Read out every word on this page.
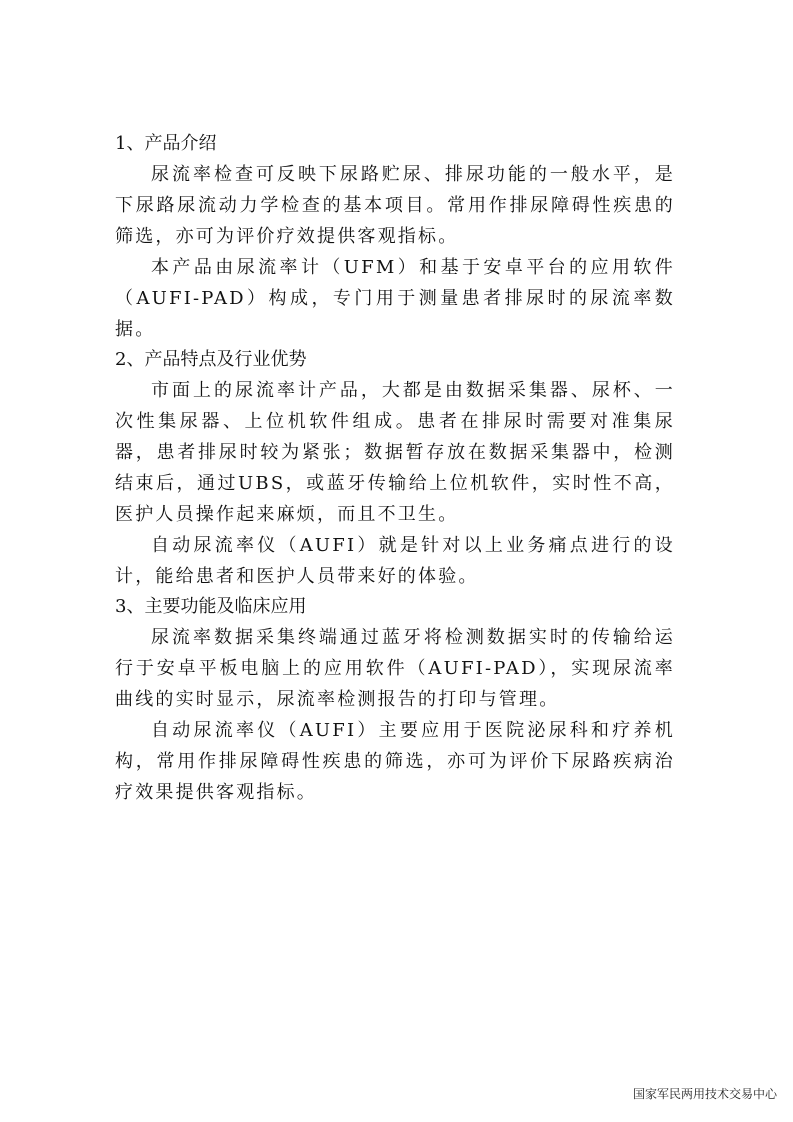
1、产品介绍

尿流率检查可反映下尿路贮尿、排尿功能的一般水平，是下尿路尿流动力学检查的基本项目。常用作排尿障碍性疾患的筛选，亦可为评价疗效提供客观指标。

本产品由尿流率计（UFM）和基于安卓平台的应用软件（AUFI-PAD）构成，专门用于测量患者排尿时的尿流率数据。

2、产品特点及行业优势

市面上的尿流率计产品，大都是由数据采集器、尿杯、一次性集尿器、上位机软件组成。患者在排尿时需要对准集尿器，患者排尿时较为紧张；数据暂存放在数据采集器中，检测结束后，通过UBS，或蓝牙传输给上位机软件，实时性不高，医护人员操作起来麻烦，而且不卫生。

自动尿流率仪（AUFI）就是针对以上业务痛点进行的设计，能给患者和医护人员带来好的体验。

3、主要功能及临床应用

尿流率数据采集终端通过蓝牙将检测数据实时的传输给运行于安卓平板电脑上的应用软件（AUFI-PAD），实现尿流率曲线的实时显示，尿流率检测报告的打印与管理。

自动尿流率仪（AUFI）主要应用于医院泌尿科和疗养机构，常用作排尿障碍性疾患的筛选，亦可为评价下尿路疾病治疗效果提供客观指标。

国家军民两用技术交易中心
